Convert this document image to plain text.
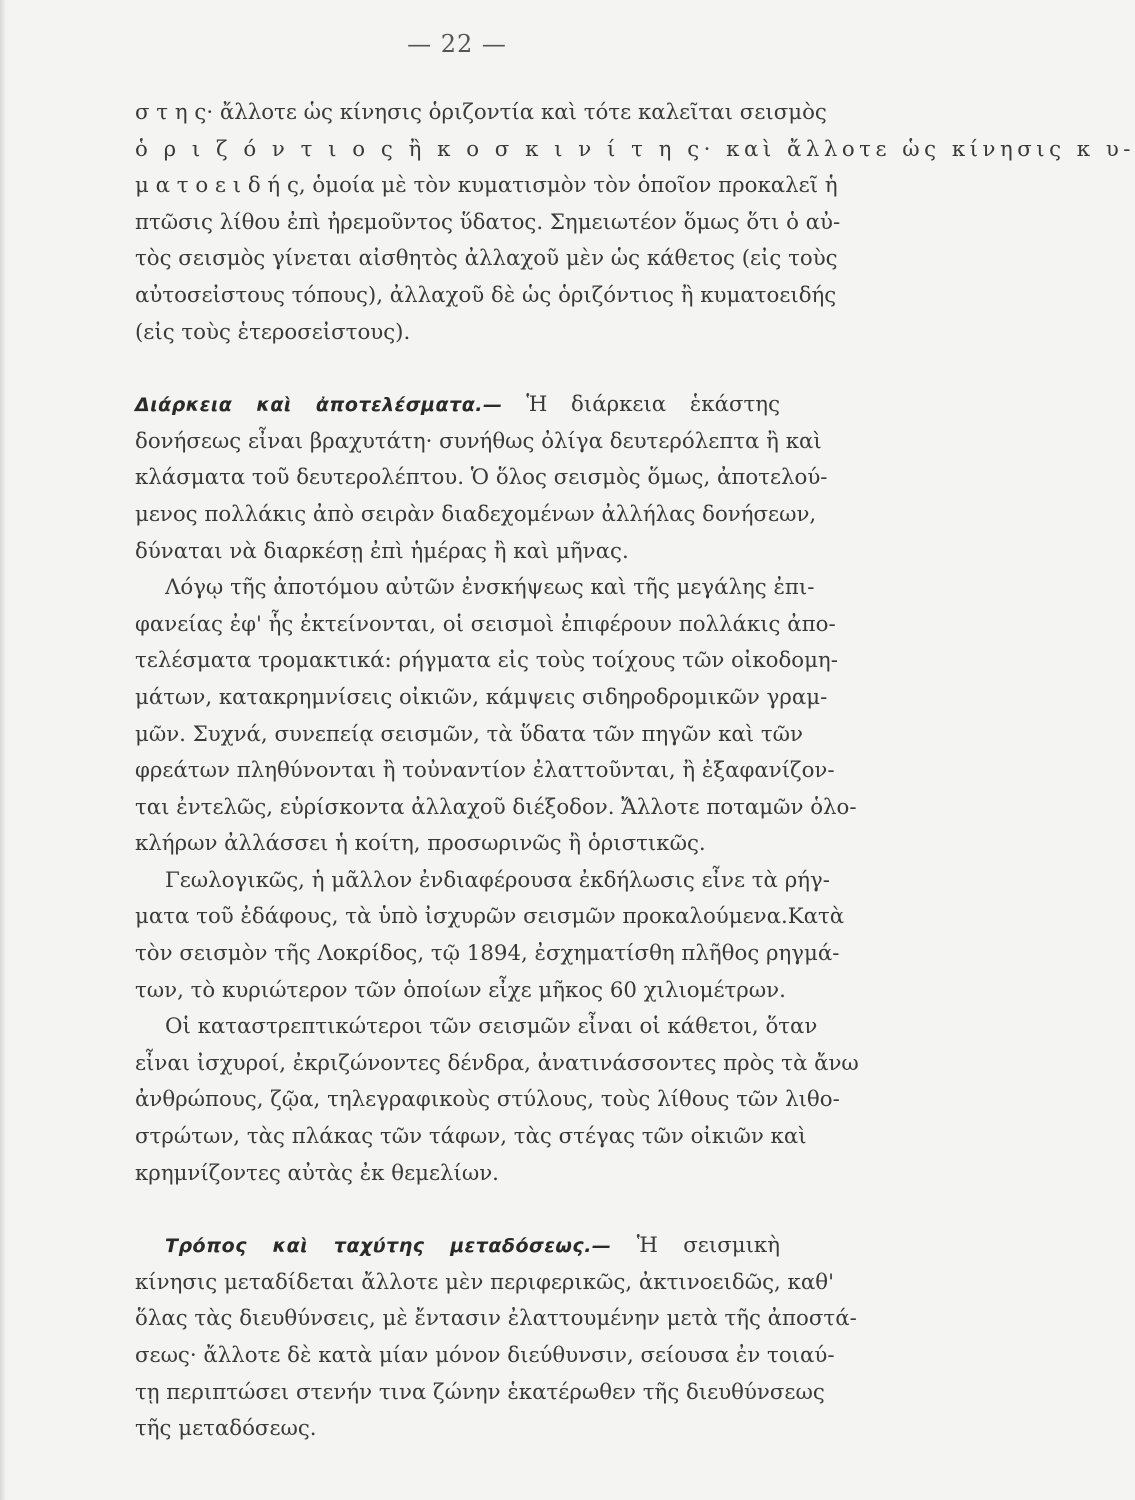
— 22 —
σ τ η ς· ἄλλοτε ὡς κίνησις ὁριζοντία καὶ τότε καλεῖται σεισμὸς
ὁ ρ ι ζ ό ν τ ι ο ς ἢ κ ο σ κ ι ν ί τ η ς· καὶ ἄλλοτε ὡς κίνησις κ υ-
μ α τ ο ε ι δ ή ς, ὁμοία μὲ τὸν κυματισμὸν τὸν ὁποῖον προκαλεῖ ἡ
πτῶσις λίθου ἐπὶ ἠρεμοῦντος ὕδατος. Σημειωτέον ὅμως ὅτι ὁ αὐ-
τὸς σεισμὸς γίνεται αἰσθητὸς ἀλλαχοῦ μὲν ὡς κάθετος (εἰς τοὺς
αὐτοσεἰστους τόπους), ἀλλαχοῦ δὲ ὡς ὁριζόντιος ἢ κυματοειδής
(εἰς τοὺς ἑτεροσεἰστους).
Διάρκεια καὶ ἀποτελέσματα.— Ἡ διάρκεια ἑκάστης
δονήσεως εἶναι βραχυτάτη· συνήθως ὀλίγα δευτερόλεπτα ἢ καὶ
κλάσματα τοῦ δευτερολέπτου. Ὁ ὅλος σεισμὸς ὅμως, ἀποτελού-
μενος πολλάκις ἀπὸ σειρὰν διαδεχομένων ἀλλήλας δονήσεων,
δύναται νὰ διαρκέσῃ ἐπὶ ἡμέρας ἢ καὶ μῆνας.
Λόγῳ τῆς ἀποτόμου αὐτῶν ἐνσκήψεως καὶ τῆς μεγάλης ἐπι-
φανείας ἐφ' ἧς ἐκτείνονται, οἱ σεισμοὶ ἐπιφέρουν πολλάκις ἀπο-
τελέσματα τρομακτικά: ρήγματα εἰς τοὺς τοίχους τῶν οἰκοδομη-
μάτων, κατακρημνίσεις οἰκιῶν, κάμψεις σιδηροδρομικῶν γραμ-
μῶν. Συχνά, συνεπείᾳ σεισμῶν, τὰ ὕδατα τῶν πηγῶν καὶ τῶν
φρεάτων πληθύνονται ἢ τοὐναντίον ἐλαττοῦνται, ἢ ἐξαφανίζον-
ται ἐντελῶς, εὑρίσκοντα ἀλλαχοῦ διέξοδον. Ἄλλοτε ποταμῶν ὁλο-
κλήρων ἀλλάσσει ἡ κοίτη, προσωρινῶς ἢ ὁριστικῶς.
Γεωλογικῶς, ἡ μᾶλλον ἐνδιαφέρουσα ἐκδήλωσις εἶνε τὰ ρήγ-
ματα τοῦ ἐδάφους, τὰ ὑπὸ ἰσχυρῶν σεισμῶν προκαλούμενα.Κατὰ
τὸν σεισμὸν τῆς Λοκρίδος, τῷ 1894, ἐσχηματίσθη πλῆθος ρηγμά-
των, τὸ κυριώτερον τῶν ὁποίων εἶχε μῆκος 60 χιλιομέτρων.
Οἱ καταστρεπτικώτεροι τῶν σεισμῶν εἶναι οἱ κάθετοι, ὅταν
εἶναι ἰσχυροί, ἐκριζώνοντες δένδρα, ἀνατινάσσοντες πρὸς τὰ ἄνω
ἀνθρώπους, ζῷα, τηλεγραφικοὺς στύλους, τοὺς λίθους τῶν λιθο-
στρώτων, τὰς πλάκας τῶν τάφων, τὰς στέγας τῶν οἰκιῶν καὶ
κρημνίζοντες αὐτὰς ἐκ θεμελίων.
Τρόπος καὶ ταχύτης μεταδόσεως.— Ἡ σεισμικὴ
κίνησις μεταδίδεται ἄλλοτε μὲν περιφερικῶς, ἀκτινοειδῶς, καθ'
ὅλας τὰς διευθύνσεις, μὲ ἔντασιν ἐλαττουμένην μετὰ τῆς ἀποστά-
σεως· ἄλλοτε δὲ κατὰ μίαν μόνον διεύθυνσιν, σείουσα ἐν τοιαύ-
τῃ περιπτώσει στενήν τινα ζώνην ἑκατέρωθεν τῆς διευθύνσεως
τῆς μεταδόσεως.
